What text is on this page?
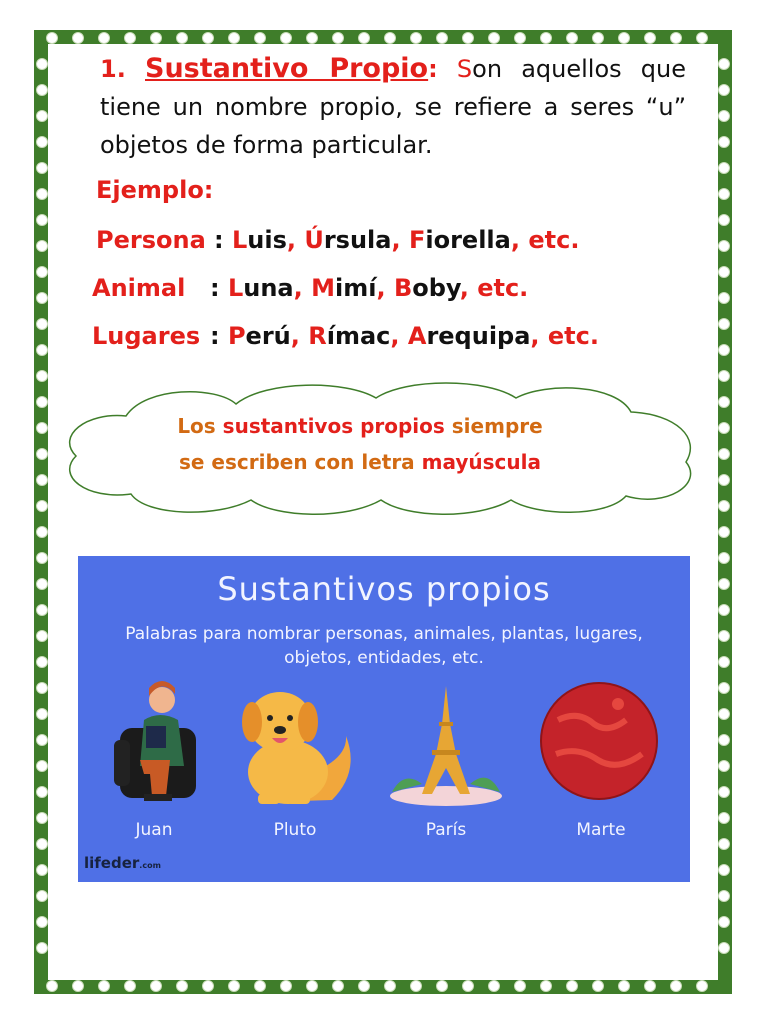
1. Sustantivo Propio: Son aquellos que tiene un nombre propio, se refiere a seres “u” objetos de forma particular.
Ejemplo:
Persona : Luis, Úrsula, Fiorella, etc.
Animal : Luna, Mimí, Boby, etc.
Lugares : Perú, Rímac, Arequipa, etc.
Los sustantivos propios siempre
se escriben con letra mayúscula
Sustantivos propios
Palabras para nombrar personas, animales, plantas, lugares, objetos, entidades, etc.
Juan	Pluto	París	Marte
lifeder.com
